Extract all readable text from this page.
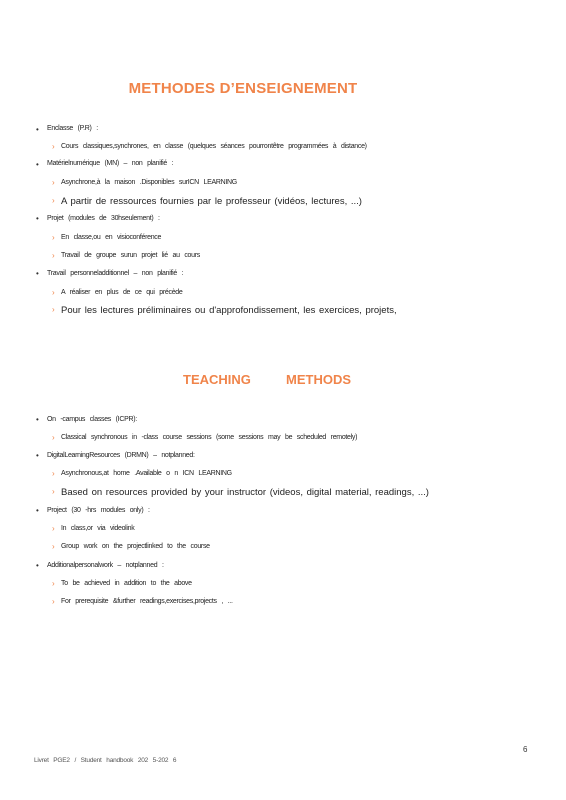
METHODES D’ENSEIGNEMENT
• Enclasse (P.R) :
› Cours classiques,synchrones, en classe (quelques séances pourrontêtre programmées à distance)
• Matérielnumérique (MN) – non planifié :
› Asynchrone,à la maison .Disponibles surICN LEARNING
› A partir de ressources fournies par le professeur (vidéos, lectures, ...)
• Projet (modules de 30hseulement) :
› En classe,ou en visioconférence
› Travail de groupe surun projet lié au cours
• Travail personneladditionnel – non planifié :
› A réaliser en plus de ce qui précède
› Pour les lectures préliminaires ou d'approfondissement, les exercices, projets,
TEACHING	METHODS
• On -campus classes (ICPR):
› Classical synchronous in -class course sessions (some sessions may be scheduled remotely)
• DigitalLearningResources (DRMN) – notplanned:
› Asynchronous,at home .Available o n ICN LEARNING
› Based on resources provided by your instructor (videos, digital material, readings, ...)
• Project (30 -hrs modules only) :
› In class,or via videolink
› Group work on the projectlinked to the course
• Additionalpersonalwork – notplanned :
› To be achieved in addition to the above
› For prerequisite &further readings,exercises,projects , ...
6
Livret PGE2 / Student handbook 202 5-202 6
